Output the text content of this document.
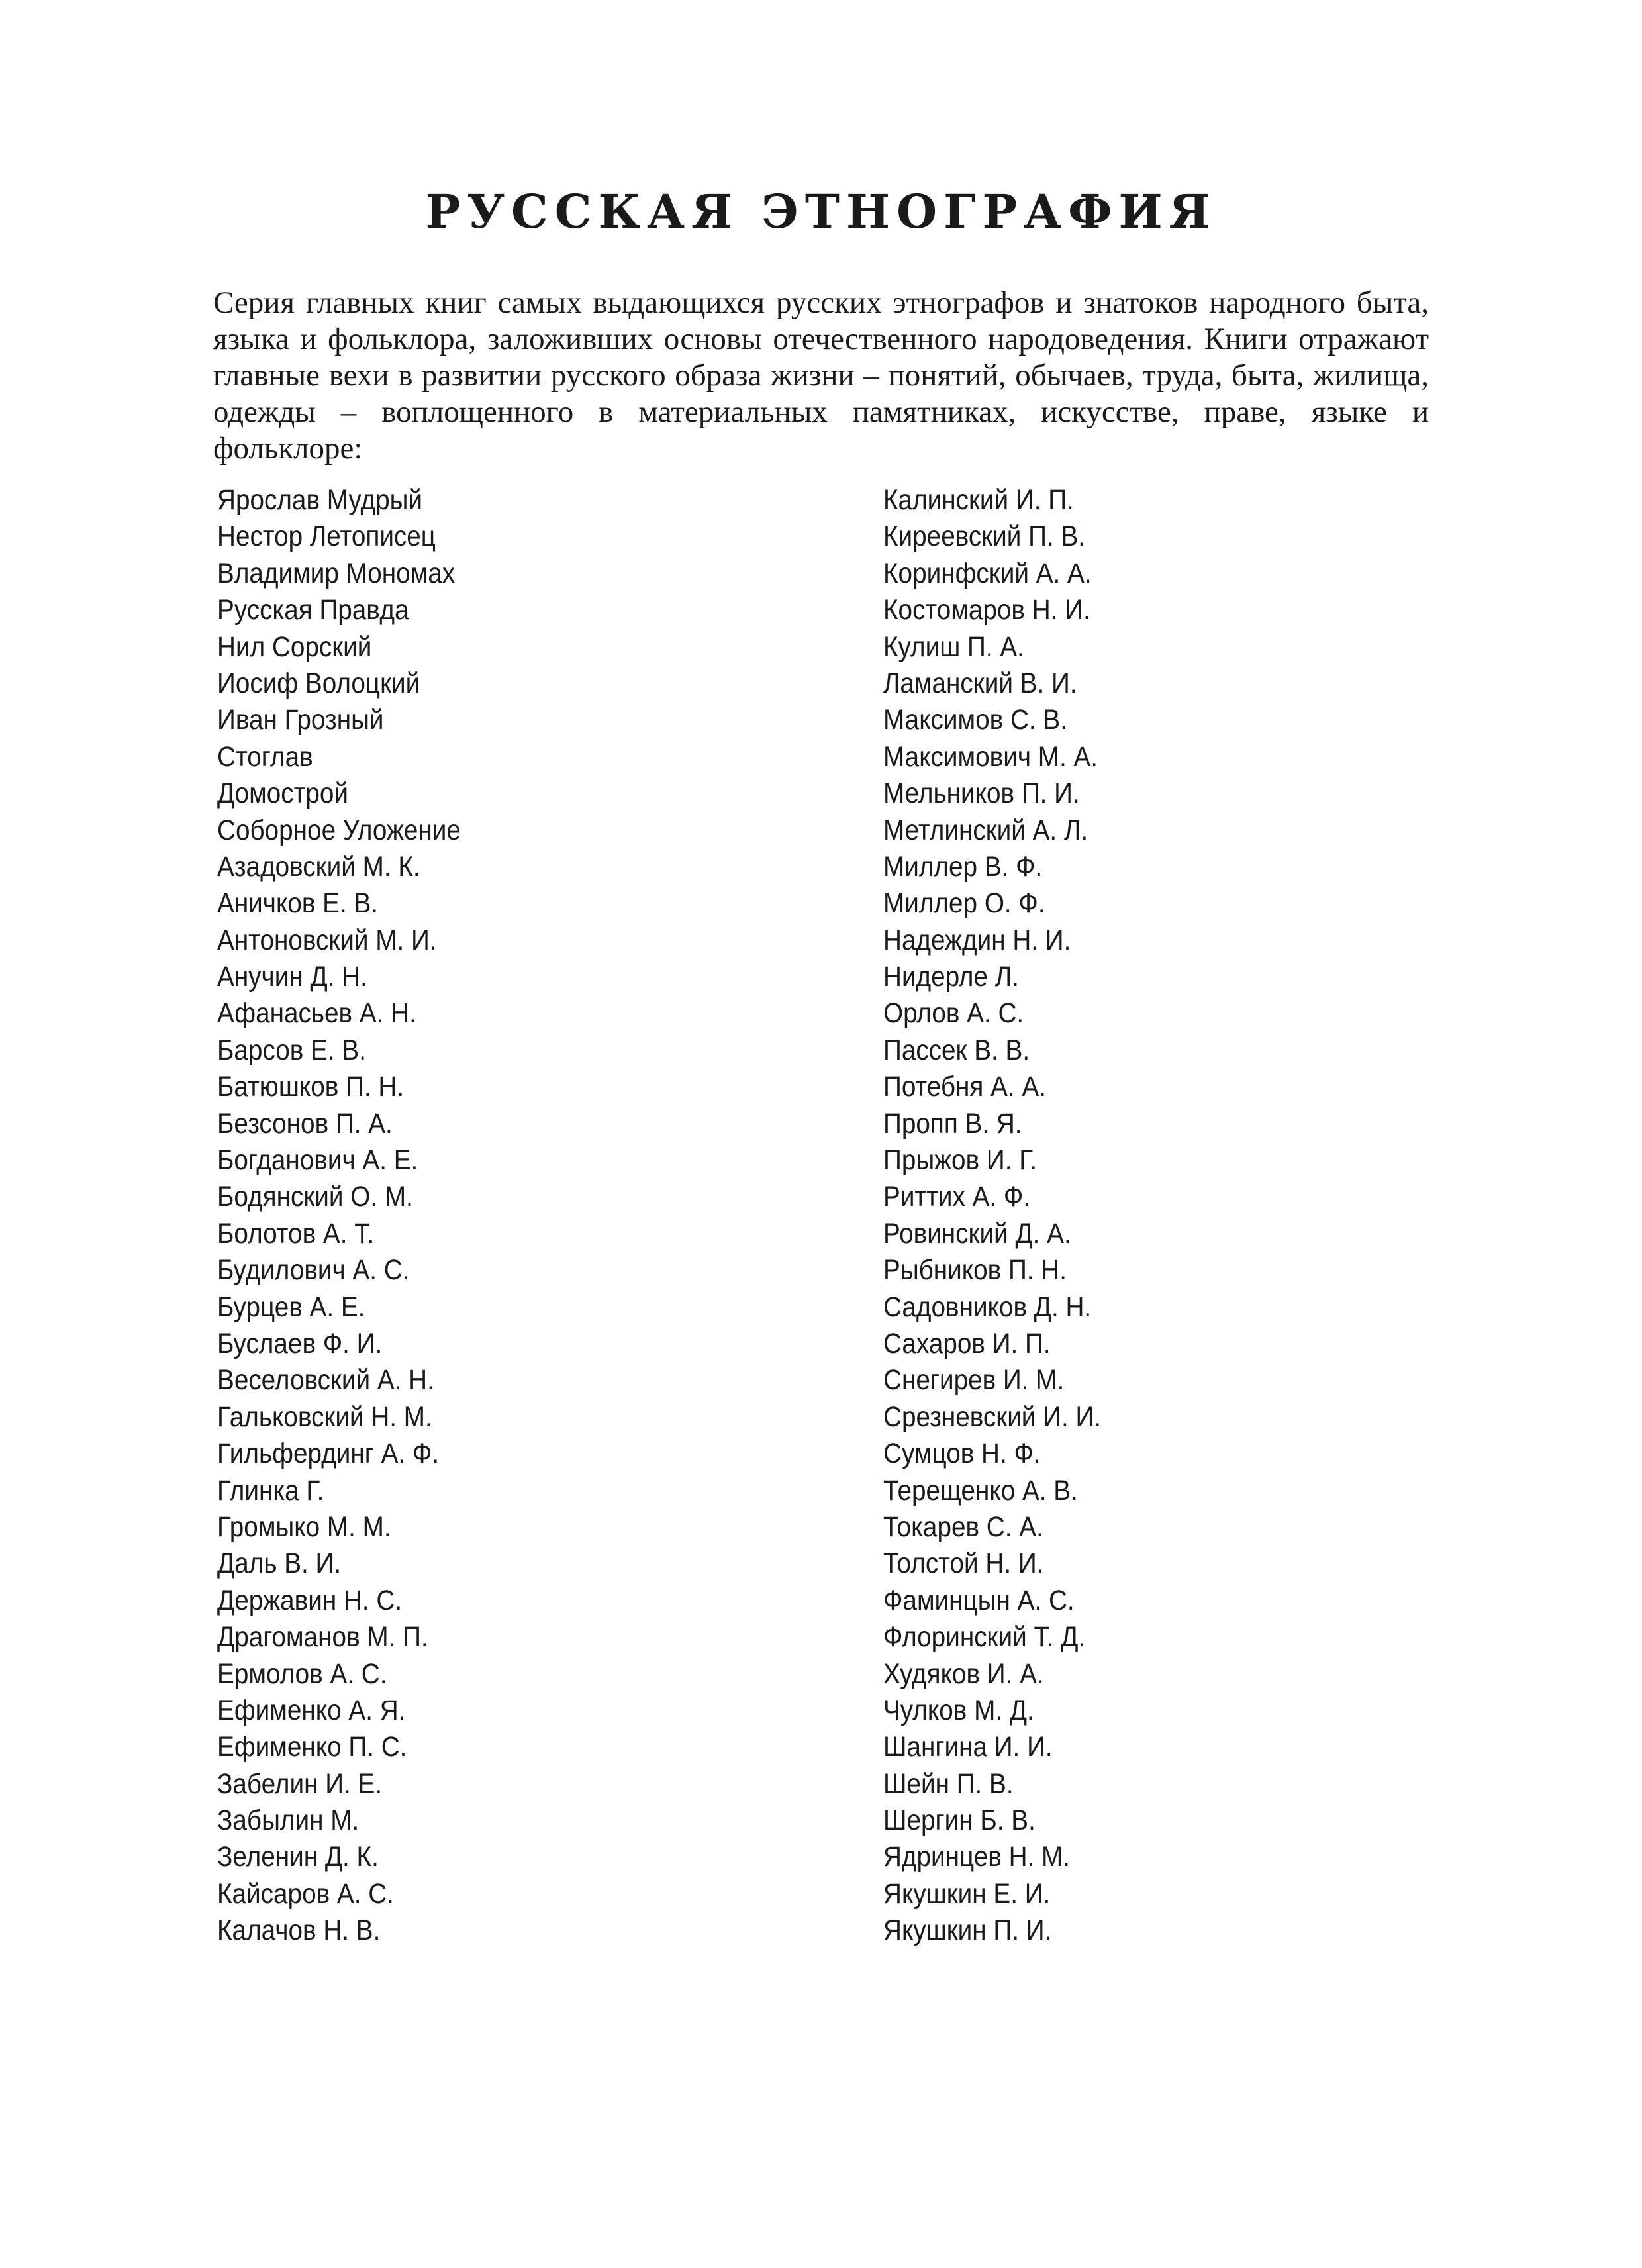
РУССКАЯ ЭТНОГРАФИЯ

Серия главных книг самых выдающихся русских этнографов и знатоков народного быта, языка и фольклора, заложивших основы отечественного народоведения. Книги отражают главные вехи в развитии русского образа жизни – понятий, обычаев, труда, быта, жилища, одежды – воплощенного в материальных памятниках, искусстве, праве, языке и фольклоре:

Ярослав Мудрый
Нестор Летописец
Владимир Мономах
Русская Правда
Нил Сорский
Иосиф Волоцкий
Иван Грозный
Стоглав
Домострой
Соборное Уложение
Азадовский М. К.
Аничков Е. В.
Антоновский М. И.
Анучин Д. Н.
Афанасьев А. Н.
Барсов Е. В.
Батюшков П. Н.
Безсонов П. А.
Богданович А. Е.
Бодянский О. М.
Болотов А. Т.
Будилович А. С.
Бурцев А. Е.
Буслаев Ф. И.
Веселовский А. Н.
Гальковский Н. М.
Гильфердинг А. Ф.
Глинка Г.
Громыко М. М.
Даль В. И.
Державин Н. С.
Драгоманов М. П.
Ермолов А. С.
Ефименко А. Я.
Ефименко П. С.
Забелин И. Е.
Забылин М.
Зеленин Д. К.
Кайсаров А. С.
Калачов Н. В.
Калинский И. П.
Киреевский П. В.
Коринфский А. А.
Костомаров Н. И.
Кулиш П. А.
Ламанский В. И.
Максимов С. В.
Максимович М. А.
Мельников П. И.
Метлинский А. Л.
Миллер В. Ф.
Миллер О. Ф.
Надеждин Н. И.
Нидерле Л.
Орлов А. С.
Пассек В. В.
Потебня А. А.
Пропп В. Я.
Прыжов И. Г.
Риттих А. Ф.
Ровинский Д. А.
Рыбников П. Н.
Садовников Д. Н.
Сахаров И. П.
Снегирев И. М.
Срезневский И. И.
Сумцов Н. Ф.
Терещенко А. В.
Токарев С. А.
Толстой Н. И.
Фаминцын А. С.
Флоринский Т. Д.
Худяков И. А.
Чулков М. Д.
Шангина И. И.
Шейн П. В.
Шергин Б. В.
Ядринцев Н. М.
Якушкин Е. И.
Якушкин П. И.
